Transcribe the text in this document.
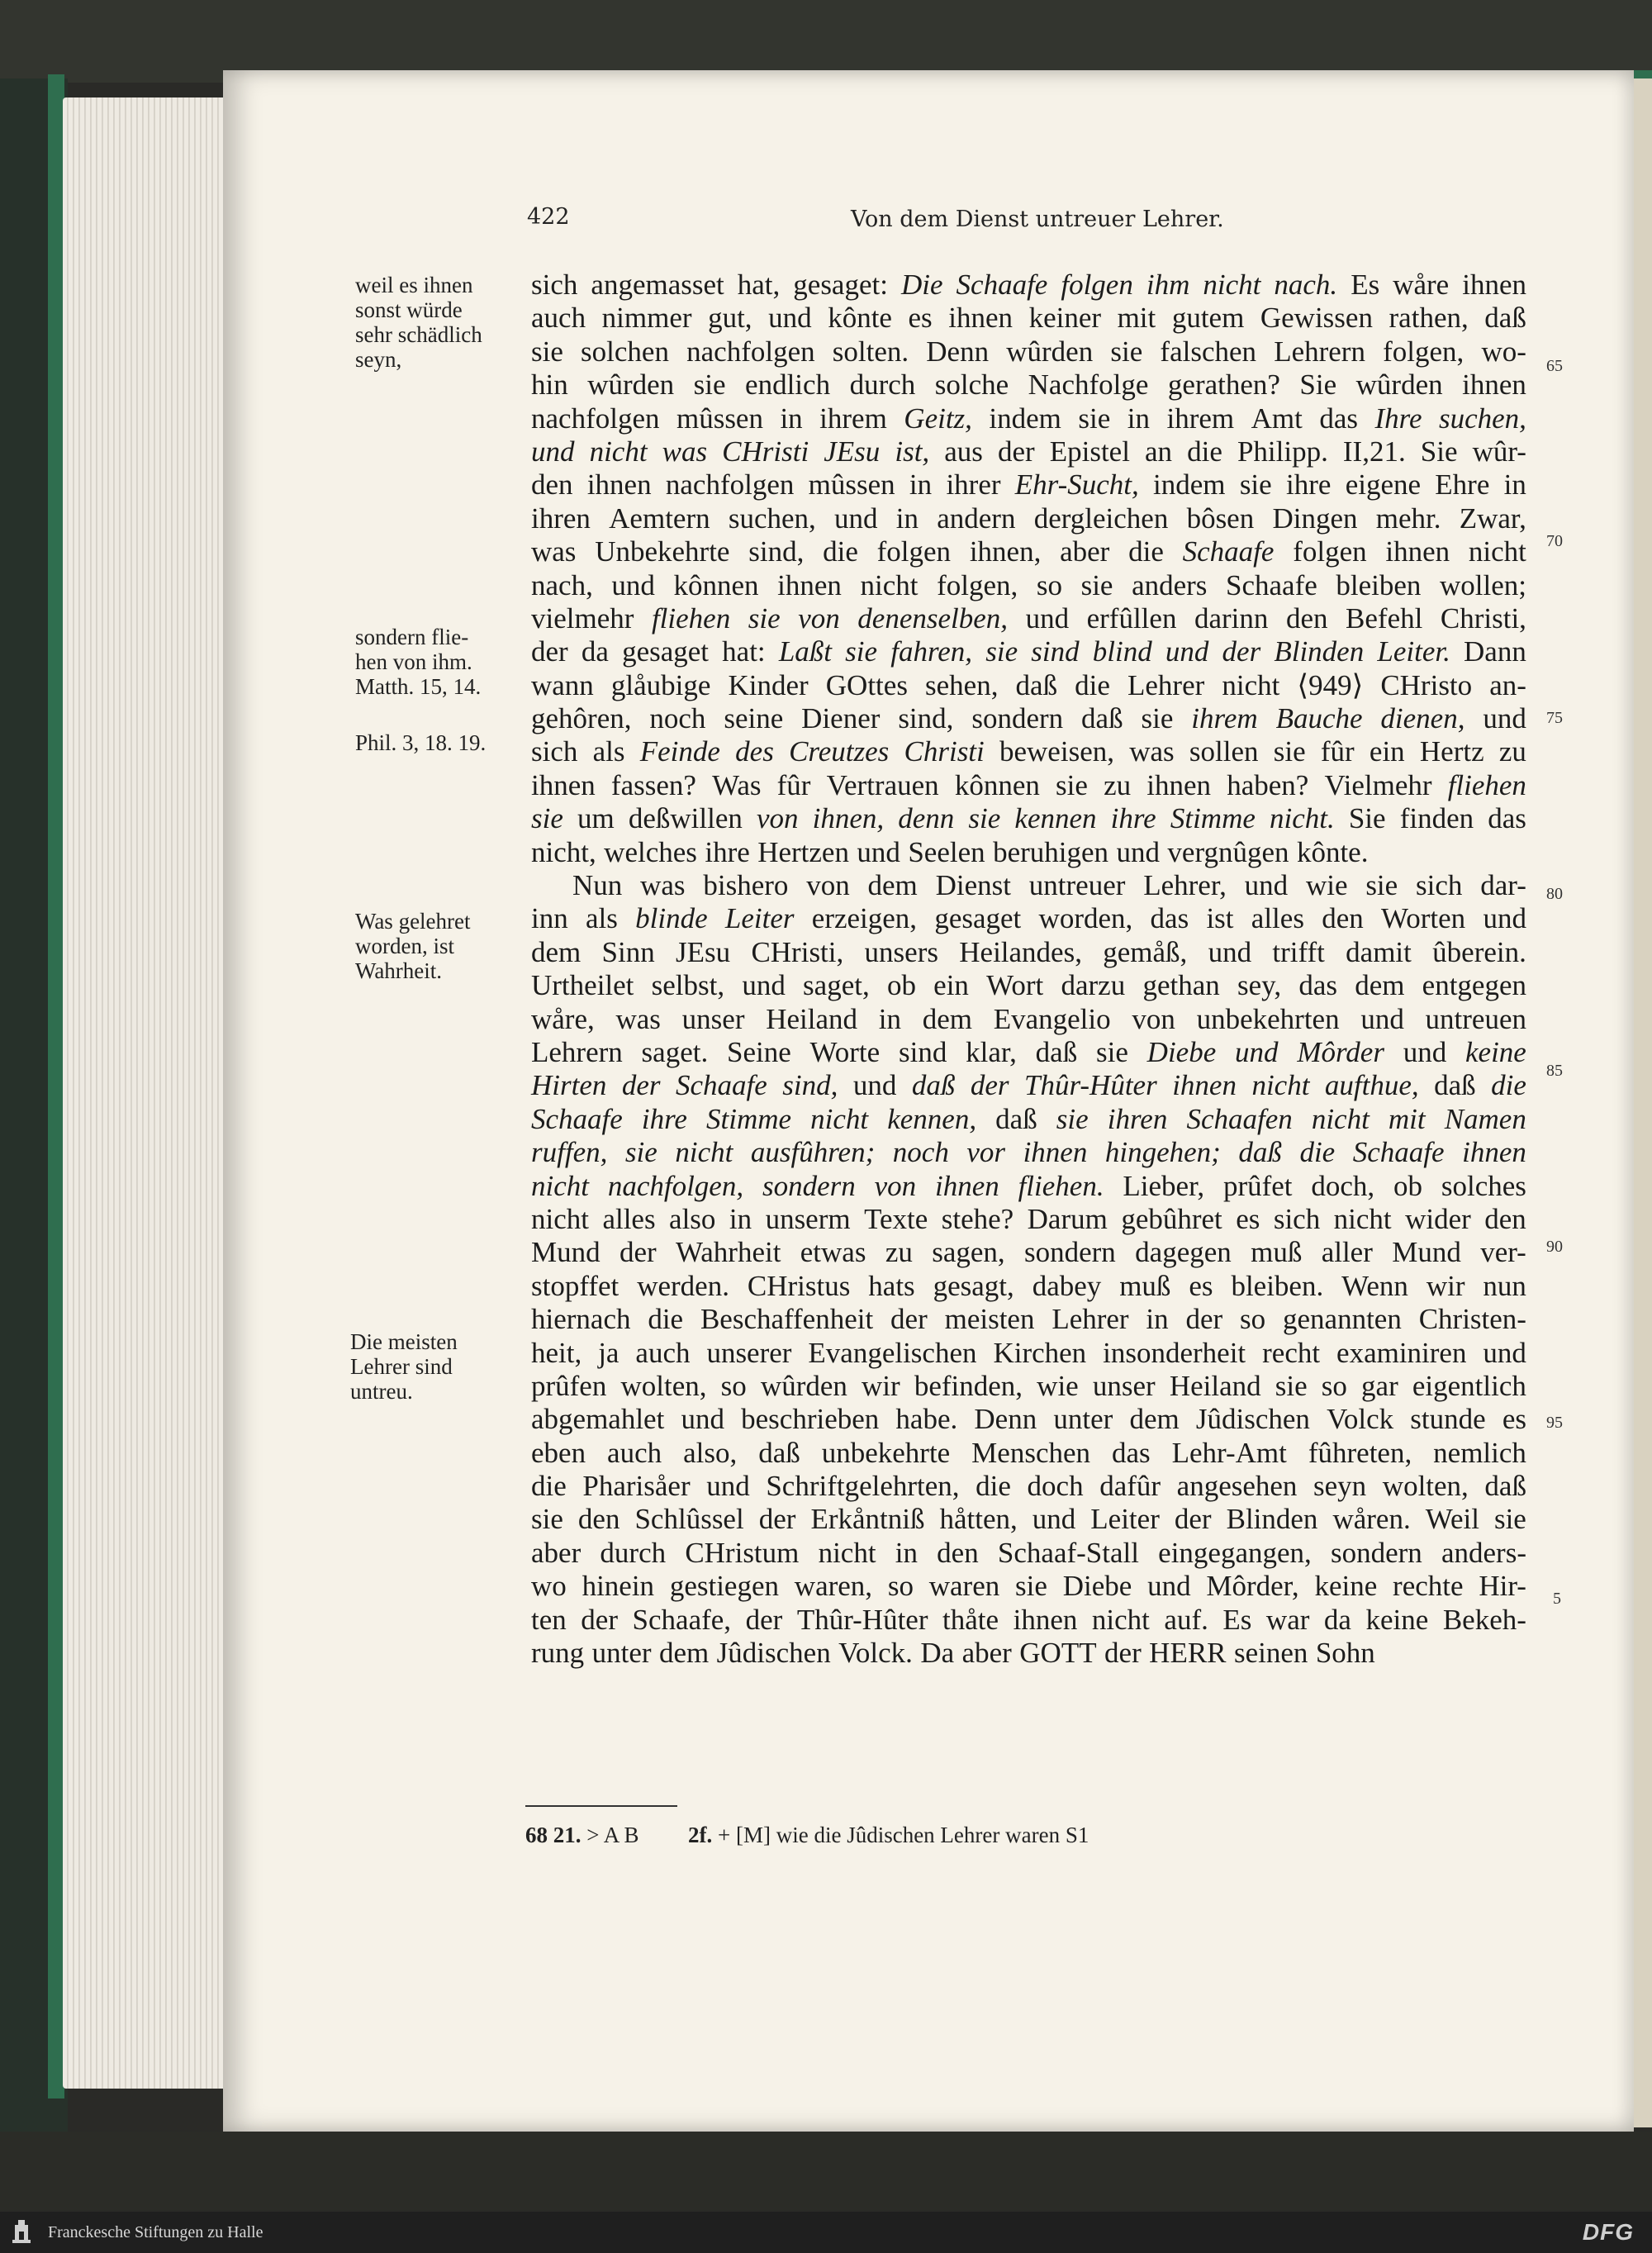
422	Von dem Dienst untreuer Lehrer.
weil es ihnen
sonst würde
sehr schädlich
seyn,
sondern flie-
hen von ihm.
Matth. 15, 14.
Phil. 3, 18. 19.
Was gelehret
worden, ist
Wahrheit.
Die meisten
Lehrer sind
untreu.
sich angemasset hat, gesaget: Die Schaafe folgen ihm nicht nach. Es wåre ihnen
auch nimmer gut, und kônte es ihnen keiner mit gutem Gewissen rathen, daß
sie solchen nachfolgen solten. Denn wûrden sie falschen Lehrern folgen, wo-
hin wûrden sie endlich durch solche Nachfolge gerathen? Sie wûrden ihnen
nachfolgen mûssen in ihrem Geitz, indem sie in ihrem Amt das Ihre suchen,
und nicht was CHristi JEsu ist, aus der Epistel an die Philipp. II,21. Sie wûr-
den ihnen nachfolgen mûssen in ihrer Ehr-Sucht, indem sie ihre eigene Ehre in
ihren Aemtern suchen, und in andern dergleichen bôsen Dingen mehr. Zwar,
was Unbekehrte sind, die folgen ihnen, aber die Schaafe folgen ihnen nicht
nach, und kônnen ihnen nicht folgen, so sie anders Schaafe bleiben wollen;
vielmehr fliehen sie von denenselben, und erfûllen darinn den Befehl Christi,
der da gesaget hat: Laßt sie fahren, sie sind blind und der Blinden Leiter. Dann
wann glåubige Kinder GOttes sehen, daß die Lehrer nicht ⟨949⟩ CHristo an-
gehôren, noch seine Diener sind, sondern daß sie ihrem Bauche dienen, und
sich als Feinde des Creutzes Christi beweisen, was sollen sie fûr ein Hertz zu
ihnen fassen? Was fûr Vertrauen kônnen sie zu ihnen haben? Vielmehr fliehen
sie um deßwillen von ihnen, denn sie kennen ihre Stimme nicht. Sie finden das
nicht, welches ihre Hertzen und Seelen beruhigen und vergnûgen kônte.
Nun was bishero von dem Dienst untreuer Lehrer, und wie sie sich dar-
inn als blinde Leiter erzeigen, gesaget worden, das ist alles den Worten und
dem Sinn JEsu CHristi, unsers Heilandes, gemåß, und trifft damit ûberein.
Urtheilet selbst, und saget, ob ein Wort darzu gethan sey, das dem entgegen
wåre, was unser Heiland in dem Evangelio von unbekehrten und untreuen
Lehrern saget. Seine Worte sind klar, daß sie Diebe und Môrder und keine
Hirten der Schaafe sind, und daß der Thûr-Hûter ihnen nicht aufthue, daß die
Schaafe ihre Stimme nicht kennen, daß sie ihren Schaafen nicht mit Namen
ruffen, sie nicht ausfûhren; noch vor ihnen hingehen; daß die Schaafe ihnen
nicht nachfolgen, sondern von ihnen fliehen. Lieber, prûfet doch, ob solches
nicht alles also in unserm Texte stehe? Darum gebûhret es sich nicht wider den
Mund der Wahrheit etwas zu sagen, sondern dagegen muß aller Mund ver-
stopffet werden. CHristus hats gesagt, dabey muß es bleiben. Wenn wir nun
hiernach die Beschaffenheit der meisten Lehrer in der so genannten Christen-
heit, ja auch unserer Evangelischen Kirchen insonderheit recht examiniren und
prûfen wolten, so wûrden wir befinden, wie unser Heiland sie so gar eigentlich
abgemahlet und beschrieben habe. Denn unter dem Jûdischen Volck stunde es
eben auch also, daß unbekehrte Menschen das Lehr-Amt fûhreten, nemlich
die Pharisåer und Schriftgelehrten, die doch dafûr angesehen seyn wolten, daß
sie den Schlûssel der Erkåntniß håtten, und Leiter der Blinden wåren. Weil sie
aber durch CHristum nicht in den Schaaf-Stall eingegangen, sondern anders-
wo hinein gestiegen waren, so waren sie Diebe und Môrder, keine rechte Hir-
ten der Schaafe, der Thûr-Hûter thåte ihnen nicht auf. Es war da keine Bekeh-
rung unter dem Jûdischen Volck. Da aber GOTT der HERR seinen Sohn
65
70
75
80
85
90
95
5
68 21. > A B 2f. + [M] wie die Jûdischen Lehrer waren S1
Franckesche Stiftungen zu Halle	DFG
